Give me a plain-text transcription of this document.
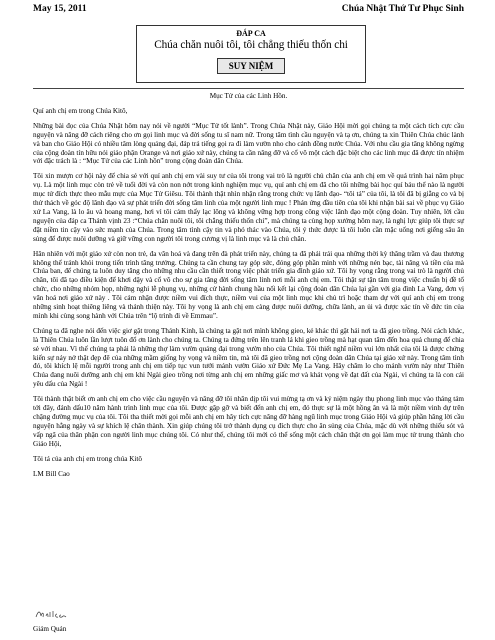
May 15, 2011	Chúa Nhật Thứ Tư Phục Sinh
ĐÁP CA
Chúa chăn nuôi tôi, tôi chẳng thiếu thốn chi
SUY NIỆM
Mục Tử của các Linh Hồn.
Quí anh chị em trong Chúa Kitô,

Những bài đọc của Chúa Nhật hôm nay nói về người “Mục Tử tốt lành”. Trong Chúa Nhật này, Giáo Hội mời gọi chúng ta một cách tích cực cầu nguyện và nâng đỡ cách riêng cho ơn gọi linh mục và đời sống tu sĩ nam nữ. Trong tâm tình cầu nguyện và tạ ơn, chúng ta xin Thiên Chúa chúc lành và ban cho Giáo Hội có nhiều tâm lòng quảng đại, đáp trả tiếng gọi ra đi làm vườn nho cho cánh đồng nước Chúa. Với nhu cầu gia tăng không ngừng của cộng đoàn tín hữu nói giáo phận Orange và nơi giáo xứ này, chúng ta cần nâng đỡ và cổ võ một cách đặc biệt cho các linh mục đã được tín nhiệm với đặc trách là : “Mục Tử của các Linh hồn” trong cộng đoàn dân Chúa.

Tôi xin mượn cơ hội này để chia sẻ với quí anh chị em vài suy tư của tôi trong vai trò là người chủ chăn của anh chị em về quá trình hai năm phục vụ. Là một linh mục còn trẻ về tuổi đời và còn non nớt trong kinh nghiệm mục vụ, quí anh chị em đã cho tôi những bài học quí báu thể nào là người mục tử đích thực theo mẫu mực của Mục Tử Giêsu. Tôi thành thật nhìn nhận rằng trong chức vụ lãnh đạo- “tôi tá” của tôi, là tôi đã bị giằng co và bị thử thách về góc độ lãnh đạo và sự phát triển đời sống tâm linh của một người linh mục ! Phán ứng đầu tiên của tôi khi nhận bài sai về phục vụ Giáo xứ La Vang, là lo âu và hoang mang, hơi vì tôi cảm thấy lạc lõng và không vững hợp trong công việc lãnh đạo một cộng đoàn. Tuy nhiên, lời cầu nguyện của đáp ca Thánh vịnh 23 :“Chúa chăn nuôi tôi, tôi chẳng thiếu thốn chi”, mà chúng ta cùng họp xướng hôm nay, là nghị lực giúp tôi thực sự đặt niềm tin cậy vào sức mạnh của Chúa. Trong tâm tình cậy tin và phó thác vào Chúa, tôi ý thức được là tôi luôn cần mặc uống nơi giếng sâu ân sủng để được nuôi dưỡng và giữ vững con người tôi trong cương vị là linh mục và là chủ chăn.

Hân nhiên với một giáo xứ còn non trẻ, đa văn hoá và đang trên đà phát triển này, chúng ta đã phải trải qua những thời kỳ thăng trầm và đau thương không thể tránh khỏi trong tiến trình tăng trưởng. Chúng ta cần chung tay góp sức, đóng góp phần mình với những nén bạc, tài năng và tiền của mà Chúa ban, để chúng ta luôn duy tăng cho những nhu cầu cần thiết trong việc phát triển gia đình giáo xứ. Tôi hy vọng rằng trong vai trò là người chủ chăn, tôi đã tạo điều kiện để khơi dậy và cổ võ cho sự gia tăng đời sống tâm linh nơi mỗi anh chị em. Tôi thật sự tận tâm trong việc chuẩn bị đề tổ chức, cho những nhóm họp, những nghi lễ phụng vụ, những cử hành chung hầu nối kết lại cộng đoàn dân Chúa lại gần với gia đình La Vang, đơn vị văn hoá nơi giáo xứ này . Tôi cảm nhận được niềm vui đích thực, niềm vui của một linh mục khi chủ trì hoặc tham dự với quí anh chị em trong những sinh hoạt thiêng liêng và thánh thiện này. Tôi hy vọng là anh chị em càng được nuôi dưỡng, chữa lành, an ủi và được xác tín về đức tin của mình khi cùng song hành với Chúa trên “lộ trình đi về Emmau”.

Chúng ta đã nghe nói đến việc giơ gặt trong Thánh Kinh, là chúng ta gặt nơi mình không gieo, kẻ khác thì gặt hái nơi ta đã gieo trồng. Nói cách khác, là Thiên Chúa luôn lần lượt tuôn đổ ơn lành cho chúng ta. Chúng ta đứng trên lên tranh lá khi gieo trồng mà hạt quan tâm đến hoa quả chung để chia sẻ với nhau. Vì thế chúng ta phải là những thợ làm vườn quảng đại trong vườn nho của Chúa. Tôi thiết nghĩ niềm vui lớn nhất của tôi là được chứng kiến sự nảy nở thật đẹp đẽ của những mầm giống hy vọng và niềm tin, mà tôi đã gieo trồng nơi cộng đoàn dân Chúa tại giáo xứ này. Trong tâm tình đó, tôi khích lệ mỗi người trong anh chị em tiếp tục vun tưới mảnh vườn Giáo xứ Đức Mẹ La Vang. Hãy chăm lo cho mảnh vườn này như Thiên Chúa đang nuôi dưỡng anh chị em khi Ngài gieo trồng nơi từng anh chị em những giấc mơ và khát vọng về đạt đất của Ngài, vì chúng ta là con cái yêu dấu của Ngài !

Tôi thành thật biết ơn anh chị em cho việc cầu nguyện và nâng đỡ tôi nhân dịp tôi vui mừng tạ ơn và kỷ niệm ngày thụ phong linh mục vào tháng tám tới đây, đánh dấu10 năm hành trình linh mục của tôi. Được gặp gỡ và biết đến anh chị em, đó thực sự là một hồng ân và là một niềm vinh dự trên chặng đường mục vụ của tôi. Tôi tha thiết mời gọi mỗi anh chị em hãy tích cực nâng đỡ hàng ngũ linh mục trong Giáo Hội và giúp phần hăng lời cầu nguyện hằng ngày và sự khích lệ chân thành. Xin giúp chúng tôi trở thành dụng cụ đích thực cho ân sủng của Chúa, mặc dù với những thiếu sót và vấp ngã của thân phận con người linh mục chúng tôi. Có như thế, chúng tôi mới có thể sống một cách chân thật ơn gọi làm mục tử trung thành cho Giáo Hội,

Tôi tá của anh chị em trong chúa Kitô

LM Bill Cao

Giám Quản
